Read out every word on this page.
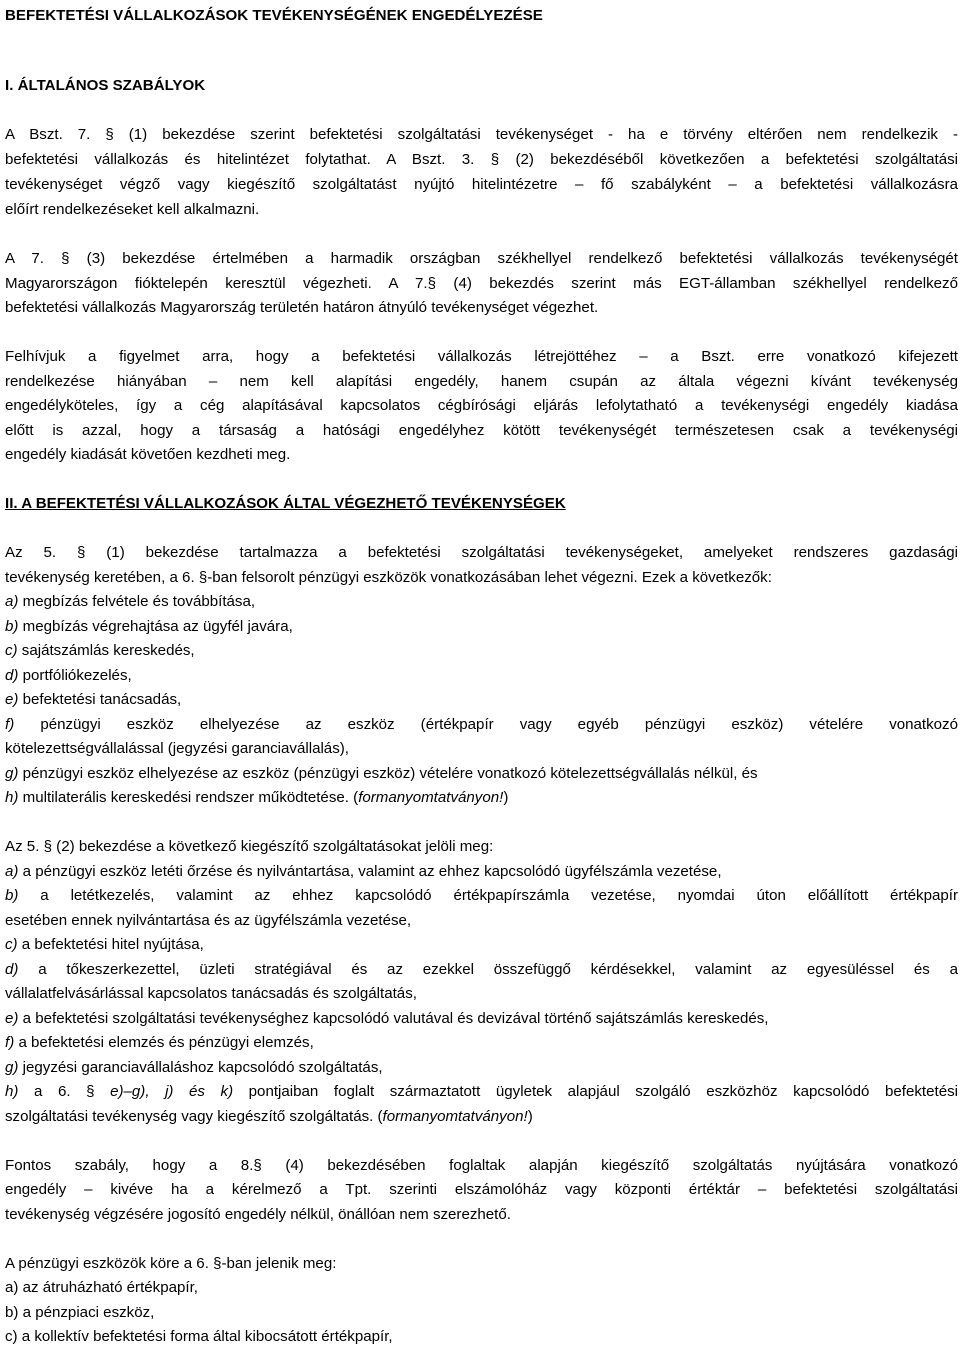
BEFEKTETÉSI VÁLLALKOZÁSOK TEVÉKENYSÉGÉNEK ENGEDÉLYEZÉSE
I. ÁLTALÁNOS SZABÁLYOK
A Bszt. 7. § (1) bekezdése szerint befektetési szolgáltatási tevékenységet - ha e törvény eltérően nem rendelkezik -
befektetési vállalkozás és hitelintézet folytathat. A Bszt. 3. § (2) bekezdéséből következően a befektetési szolgáltatási
tevékenységet végző vagy kiegészítő szolgáltatást nyújtó hitelintézetre – fő szabályként – a befektetési vállalkozásra
előírt rendelkezéseket kell alkalmazni.
A 7. § (3) bekezdése értelmében a harmadik országban székhellyel rendelkező befektetési vállalkozás tevékenységét
Magyarországon fióktelepén keresztül végezheti. A 7.§ (4) bekezdés szerint más EGT-államban székhellyel rendelkező
befektetési vállalkozás Magyarország területén határon átnyúló tevékenységet végezhet.
Felhívjuk a figyelmet arra, hogy a befektetési vállalkozás létrejöttéhez – a Bszt. erre vonatkozó kifejezett
rendelkezése hiányában – nem kell alapítási engedély, hanem csupán az általa végezni kívánt tevékenység
engedélyköteles, így a cég alapításával kapcsolatos cégbírósági eljárás lefolytatható a tevékenységi engedély kiadása
előtt is azzal, hogy a társaság a hatósági engedélyhez kötött tevékenységét természetesen csak a tevékenységi
engedély kiadását követően kezdheti meg.
II. A BEFEKTETÉSI VÁLLALKOZÁSOK ÁLTAL VÉGEZHETŐ TEVÉKENYSÉGEK
Az 5. § (1) bekezdése tartalmazza a befektetési szolgáltatási tevékenységeket, amelyeket rendszeres gazdasági
tevékenység keretében, a 6. §-ban felsorolt pénzügyi eszközök vonatkozásában lehet végezni. Ezek a következők:
a) megbízás felvétele és továbbítása,
b) megbízás végrehajtása az ügyfél javára,
c) sajátszámlás kereskedés,
d) portfóliókezelés,
e) befektetési tanácsadás,
f) pénzügyi eszköz elhelyezése az eszköz (értékpapír vagy egyéb pénzügyi eszköz) vételére vonatkozó
kötelezettségvállalással (jegyzési garanciavállalás),
g) pénzügyi eszköz elhelyezése az eszköz (pénzügyi eszköz) vételére vonatkozó kötelezettségvállalás nélkül, és
h) multilaterális kereskedési rendszer működtetése. (formanyomtatványon!)
Az 5. § (2) bekezdése a következő kiegészítő szolgáltatásokat jelöli meg:
a) a pénzügyi eszköz letéti őrzése és nyilvántartása, valamint az ehhez kapcsolódó ügyfélszámla vezetése,
b) a letétkezelés, valamint az ehhez kapcsolódó értékpapírszámla vezetése, nyomdai úton előállított értékpapír
esetében ennek nyilvántartása és az ügyfélszámla vezetése,
c) a befektetési hitel nyújtása,
d) a tőkeszerkezettel, üzleti stratégiával és az ezekkel összefüggő kérdésekkel, valamint az egyesüléssel és a
vállalatfelvásárlással kapcsolatos tanácsadás és szolgáltatás,
e) a befektetési szolgáltatási tevékenységhez kapcsolódó valutával és devizával történő sajátszámlás kereskedés,
f) a befektetési elemzés és pénzügyi elemzés,
g) jegyzési garanciavállaláshoz kapcsolódó szolgáltatás,
h) a 6. § e)–g), j) és k) pontjaiban foglalt származtatott ügyletek alapjául szolgáló eszközhöz kapcsolódó befektetési
szolgáltatási tevékenység vagy kiegészítő szolgáltatás. (formanyomtatványon!)
Fontos szabály, hogy a 8.§ (4) bekezdésében foglaltak alapján kiegészítő szolgáltatás nyújtására vonatkozó
engedély – kivéve ha a kérelmező a Tpt. szerinti elszámolóház vagy központi értéktár – befektetési szolgáltatási
tevékenység végzésére jogosító engedély nélkül, önállóan nem szerezhető.
A pénzügyi eszközök köre a 6. §-ban jelenik meg:
a) az átruházható értékpapír,
b) a pénzpiaci eszköz,
c) a kollektív befektetési forma által kibocsátott értékpapír,
